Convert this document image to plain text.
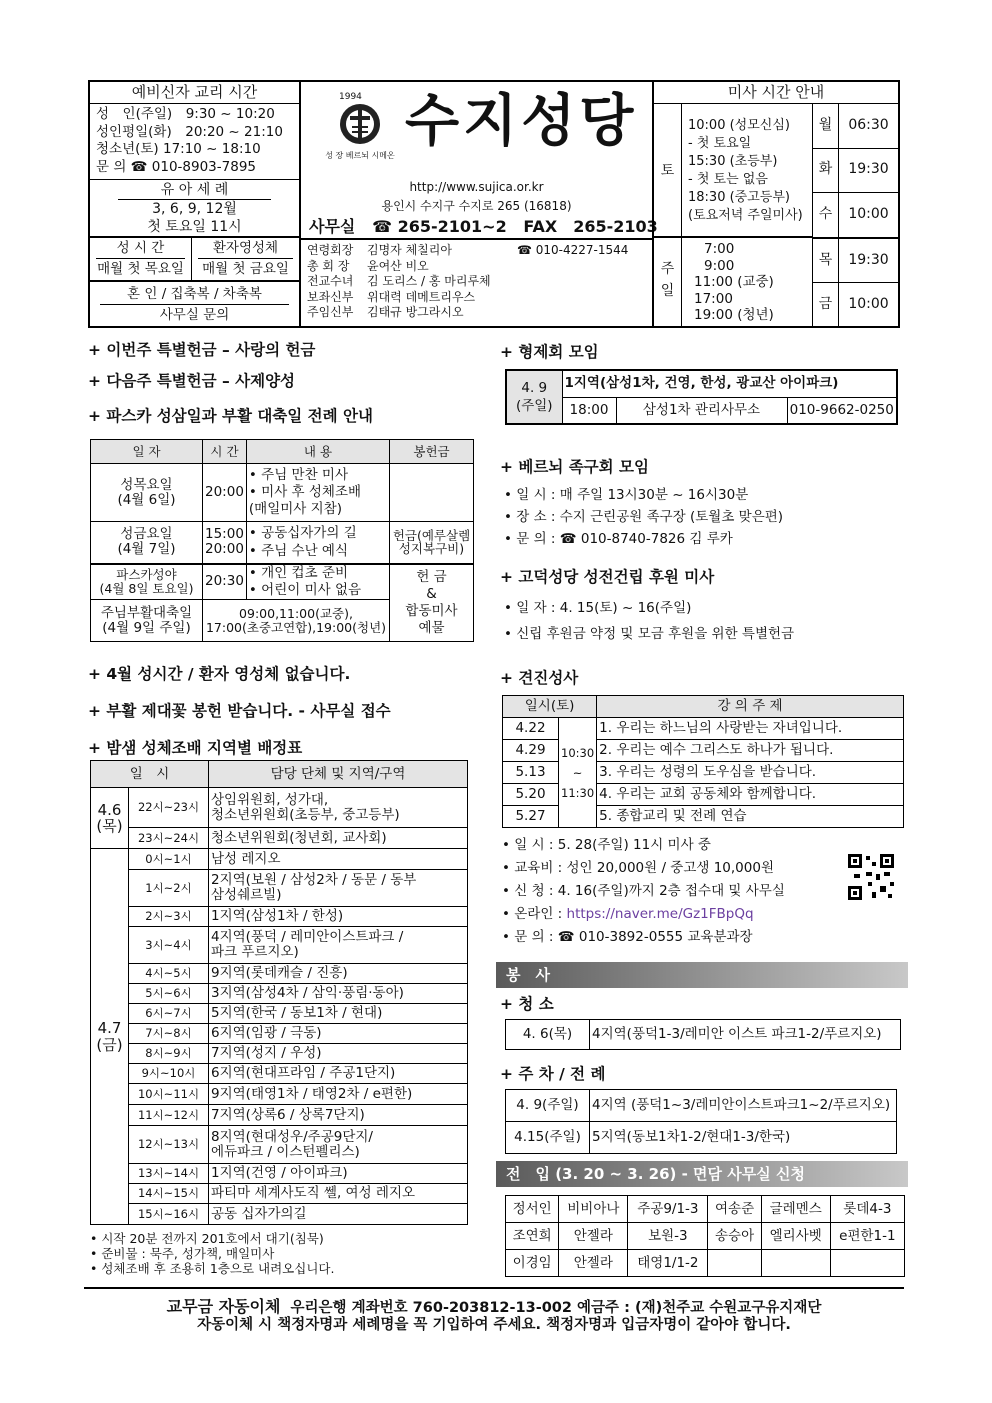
예비신자 교리 시간
성　인(주일)　9:30 ~ 10:20
성인평일(화)　20:20 ~ 21:10
청소년(토) 17:10 ~ 18:10
문 의 ☎ 010-8903-7895
유 아 세 례
3, 6, 9, 12월
첫 토요일 11시
성 시 간
매월 첫 목요일
환자영성체
매월 첫 금요일
혼 인 / 집축복 / 차축복
사무실 문의
1994
성 장 베르뇌 시메온
수지성당
http://www.sujica.or.kr
용인시 수지구 수지로 265 (16818)
사무실 ☎ 265-2101~2 FAX　265-2103
연령회장	김명자 체칠리아	☎ 010-4227-1544
총 회 장	윤여산 비오
전교수녀	김 도리스 / 홍 마리루체
보좌신부	위대력 데메트리우스
주임신부	김태규 방그라시오
미사 시간 안내
토
10:00 (성모신심)
- 첫 토요일
15:30 (초등부)
- 첫 토는 없음
18:30 (중고등부)
(토요저녁 주일미사)
주
일
7:00
9:00
11:00 (교중)
17:00
19:00 (청년)
월	06:30
화	19:30
수	10:00
목	19:30
금	10:00
+ 이번주 특별헌금 – 사랑의 헌금
+ 다음주 특별헌금 – 사제양성
+ 파스카 성삼일과 부활 대축일 전례 안내
일 자	시 간	내 용	봉헌금
성목요일
(4월 6일)	20:00	• 주님 만찬 미사
• 미사 후 성체조배
(매일미사 지참)	
성금요일
(4월 7일)	15:00
20:00	• 공동십자가의 길
• 주님 수난 예식	헌금(예루살렘
성지복구비)
파스카성야
(4월 8일 토요일)	20:30	• 개인 컵초 준비
• 어린이 미사 없음	헌 금
&
합동미사
예물
주님부활대축일
(4월 9일 주일)	09:00,11:00(교중),
17:00(초중고연합),19:00(청년)		
+ 4월 성시간 / 환자 영성체 없습니다.
+ 부활 제대꽃 봉헌 받습니다. - 사무실 접수
+ 밤샘 성체조배 지역별 배정표
일　시		담당 단체 및 지역/구역
4.6
(목)	22시~23시	상임위원회, 성가대,
청소년위원회(초등부, 중고등부)
	23시~24시	청소년위원회(청년회, 교사회)
4.7
(금)	0시~1시	남성 레지오
	1시~2시	2지역(보원 / 삼성2차 / 동문 / 동부
삼성쉐르빌)
	2시~3시	1지역(삼성1차 / 한성)
	3시~4시	4지역(풍덕 / 레미안이스트파크 /
파크 푸르지오)
	4시~5시	9지역(롯데캐슬 / 진흥)
	5시~6시	3지역(삼성4차 / 삼익·풍림·동아)
	6시~7시	5지역(한국 / 동보1차 / 현대)
	7시~8시	6지역(임광 / 극동)
	8시~9시	7지역(성지 / 우성)
	9시~10시	6지역(현대프라임 / 주공1단지)
	10시~11시	9지역(태영1차 / 태영2차 / e편한)
	11시~12시	7지역(상록6 / 상록7단지)
	12시~13시	8지역(현대성우/주공9단지/
에듀파크 / 이스턴펠리스)
	13시~14시	1지역(건영 / 아이파크)
	14시~15시	파티마 세계사도직 쎌, 여성 레지오
	15시~16시	공동 십자가의길
• 시작 20분 전까지 201호에서 대기(침묵)
• 준비물 : 묵주, 성가책, 매일미사
• 성체조배 후 조용히 1층으로 내려오십니다.
+ 형제회 모임
4. 9
(주일)	1지역(삼성1차, 건영, 한성, 광교산 아이파크)		
	18:00	삼성1차 관리사무소	010-9662-0250
+ 베르뇌 족구회 모임
• 일 시 : 매 주일 13시30분 ~ 16시30분
• 장 소 : 수지 근린공원 족구장 (토월초 맞은편)
• 문 의 : ☎ 010-8740-7826 김 루카
+ 고덕성당 성전건립 후원 미사
• 일 자 : 4. 15(토) ~ 16(주일)
• 신립 후원금 약정 및 모금 후원을 위한 특별헌금
+ 견진성사
일시(토)		강 의 주 제
4.22	10:30
~
11:30	1. 우리는 하느님의 사랑받는 자녀입니다.
4.29		2. 우리는 예수 그리스도 하나가 됩니다.
5.13		3. 우리는 성령의 도우심을 받습니다.
5.20		4. 우리는 교회 공동체와 함께합니다.
5.27		5. 종합교리 및 전례 연습
• 일 시 : 5. 28(주일) 11시 미사 중
• 교육비 : 성인 20,000원 / 중고생 10,000원
• 신 청 : 4. 16(주일)까지 2층 접수대 및 사무실
• 온라인 : https://naver.me/Gz1FBpQq
• 문 의 : ☎ 010-3892-0555 교육분과장
봉　사
+ 청 소
4. 6(목)	4지역(풍덕1-3/레미안 이스트 파크1-2/푸르지오)
+ 주 차 / 전 례
4. 9(주일)	4지역 (풍덕1~3/레미안이스트파크1~2/푸르지오)
4.15(주일)	5지역(동보1차1-2/현대1-3/한국)
전　입 (3. 20 ~ 3. 26) - 면담 사무실 신청
정서인	비비아나	주공9/1-3	여송준	글레멘스	롯데4-3
조연희	안젤라	보원-3	송승아	엘리사벳	e편한1-1
이경임	안젤라	태영1/1-2			
교무금 자동이체 우리은행 계좌번호 760-203812-13-002 예금주 : (재)천주교 수원교구유지재단
자동이체 시 책정자명과 세례명을 꼭 기입하여 주세요. 책정자명과 입금자명이 같아야 합니다.
